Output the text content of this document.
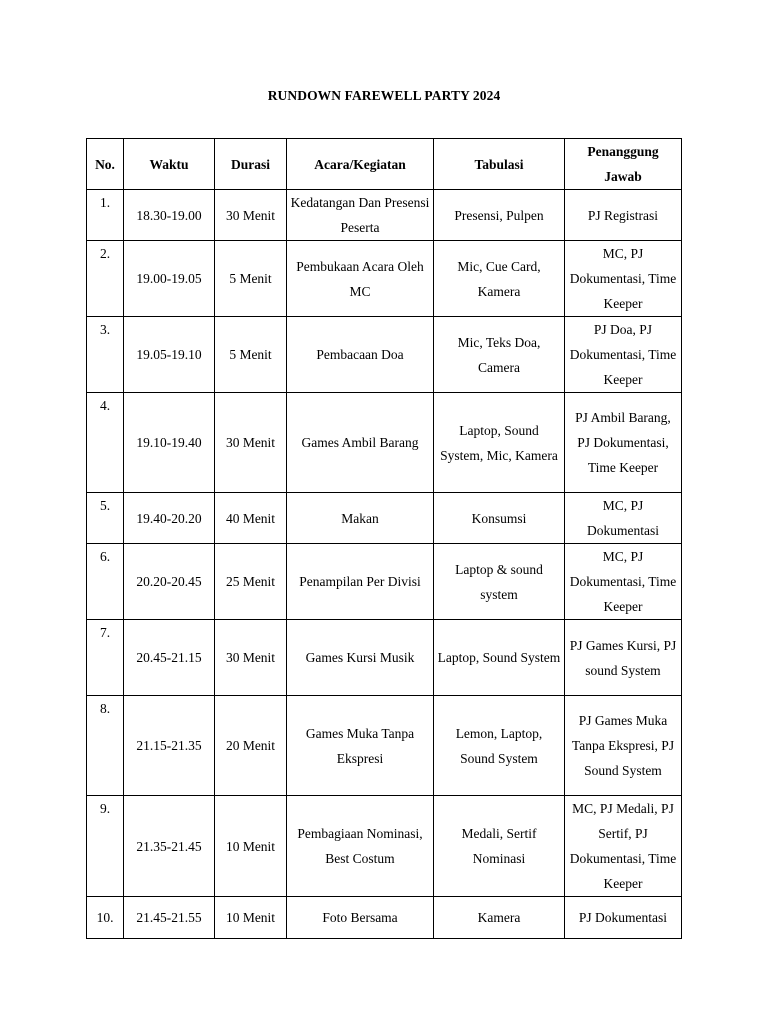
RUNDOWN FAREWELL PARTY 2024
No.	Waktu	Durasi	Acara/Kegiatan	Tabulasi	Penanggung Jawab
1.	18.30-19.00	30 Menit	Kedatangan Dan Presensi Peserta	Presensi, Pulpen	PJ Registrasi
2.	19.00-19.05	5 Menit	Pembukaan Acara Oleh MC	Mic, Cue Card, Kamera	MC, PJ Dokumentasi, Time Keeper
3.	19.05-19.10	5 Menit	Pembacaan Doa	Mic, Teks Doa, Camera	PJ Doa, PJ Dokumentasi, Time Keeper
4.	19.10-19.40	30 Menit	Games Ambil Barang	Laptop, Sound System, Mic, Kamera	PJ Ambil Barang, PJ Dokumentasi, Time Keeper
5.	19.40-20.20	40 Menit	Makan	Konsumsi	MC, PJ Dokumentasi
6.	20.20-20.45	25 Menit	Penampilan Per Divisi	Laptop & sound system	MC, PJ Dokumentasi, Time Keeper
7.	20.45-21.15	30 Menit	Games Kursi Musik	Laptop, Sound System	PJ Games Kursi, PJ sound System
8.	21.15-21.35	20 Menit	Games Muka Tanpa Ekspresi	Lemon, Laptop, Sound System	PJ Games Muka Tanpa Ekspresi, PJ Sound System
9.	21.35-21.45	10 Menit	Pembagiaan Nominasi, Best Costum	Medali, Sertif Nominasi	MC, PJ Medali, PJ Sertif, PJ Dokumentasi, Time Keeper
10.	21.45-21.55	10 Menit	Foto Bersama	Kamera	PJ Dokumentasi
